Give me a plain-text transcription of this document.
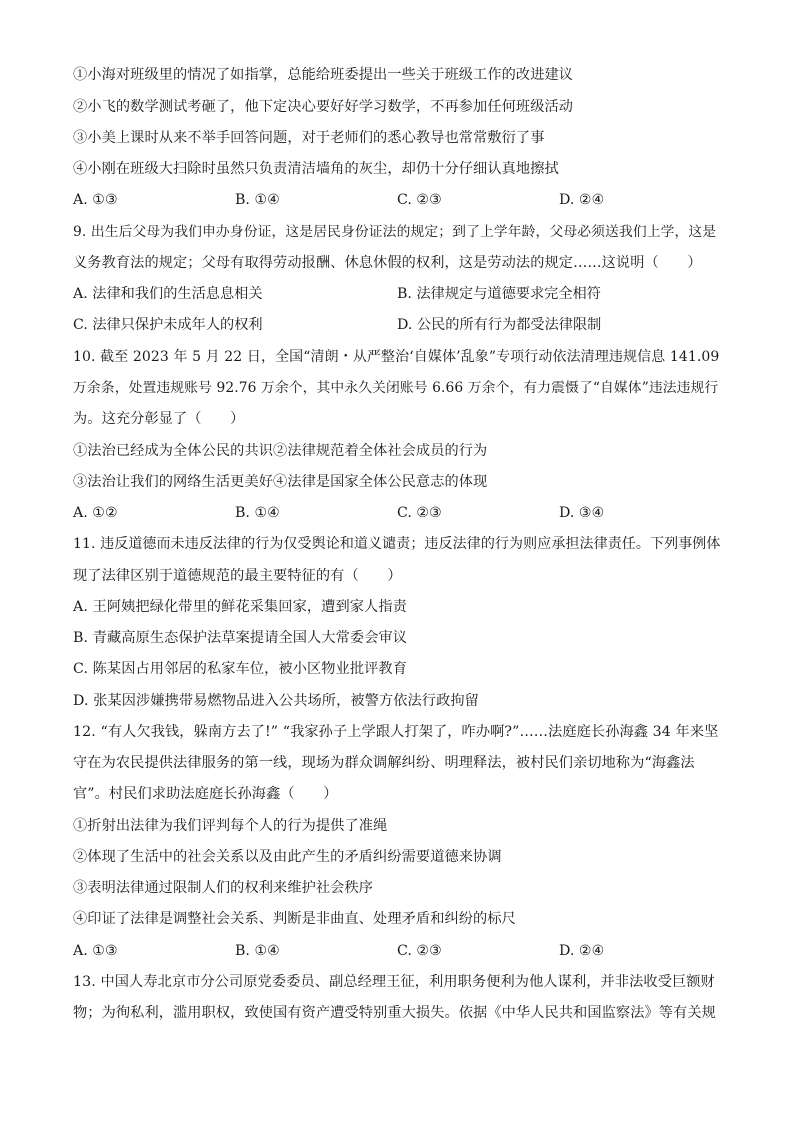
①小海对班级里的情况了如指掌，总能给班委提出一些关于班级工作的改进建议
②小飞的数学测试考砸了，他下定决心要好好学习数学，不再参加任何班级活动
③小美上课时从来不举手回答问题，对于老师们的悉心教导也常常敷衍了事
④小刚在班级大扫除时虽然只负责清洁墙角的灰尘，却仍十分仔细认真地擦拭
A. ①③	B. ①④	C. ②③	D. ②④
9. 出生后父母为我们申办身份证，这是居民身份证法的规定；到了上学年龄，父母必须送我们上学，这是
义务教育法的规定；父母有取得劳动报酬、休息休假的权利，这是劳动法的规定……这说明（　　）
A. 法律和我们的生活息息相关	B. 法律规定与道德要求完全相符
C. 法律只保护未成年人的权利	D. 公民的所有行为都受法律限制
10. 截至 2023 年 5 月 22 日，全国“清朗・从严整治‘自媒体’乱象”专项行动依法清理违规信息 141.09
万余条，处置违规账号 92.76 万余个，其中永久关闭账号 6.66 万余个，有力震慑了“自媒体”违法违规行
为。这充分彰显了（　　）
①法治已经成为全体公民的共识②法律规范着全体社会成员的行为
③法治让我们的网络生活更美好④法律是国家全体公民意志的体现
A. ①②	B. ①④	C. ②③	D. ③④
11. 违反道德而未违反法律的行为仅受舆论和道义谴责；违反法律的行为则应承担法律责任。下列事例体
现了法律区别于道德规范的最主要特征的有（　　）
A. 王阿姨把绿化带里的鲜花采集回家，遭到家人指责
B. 青藏高原生态保护法草案提请全国人大常委会审议
C. 陈某因占用邻居的私家车位，被小区物业批评教育
D. 张某因涉嫌携带易燃物品进入公共场所，被警方依法行政拘留
12. “有人欠我钱，躲南方去了!” “我家孙子上学跟人打架了，咋办啊?”……法庭庭长孙海鑫 34 年来坚
守在为农民提供法律服务的第一线，现场为群众调解纠纷、明理释法，被村民们亲切地称为“海鑫法
官”。村民们求助法庭庭长孙海鑫（　　）
①折射出法律为我们评判每个人的行为提供了准绳
②体现了生活中的社会关系以及由此产生的矛盾纠纷需要道德来协调
③表明法律通过限制人们的权利来维护社会秩序
④印证了法律是调整社会关系、判断是非曲直、处理矛盾和纠纷的标尺
A. ①③	B. ①④	C. ②③	D. ②④
13. 中国人寿北京市分公司原党委委员、副总经理王征，利用职务便利为他人谋利，并非法收受巨额财
物；为徇私利，滥用职权，致使国有资产遭受特别重大损失。依据《中华人民共和国监察法》等有关规
